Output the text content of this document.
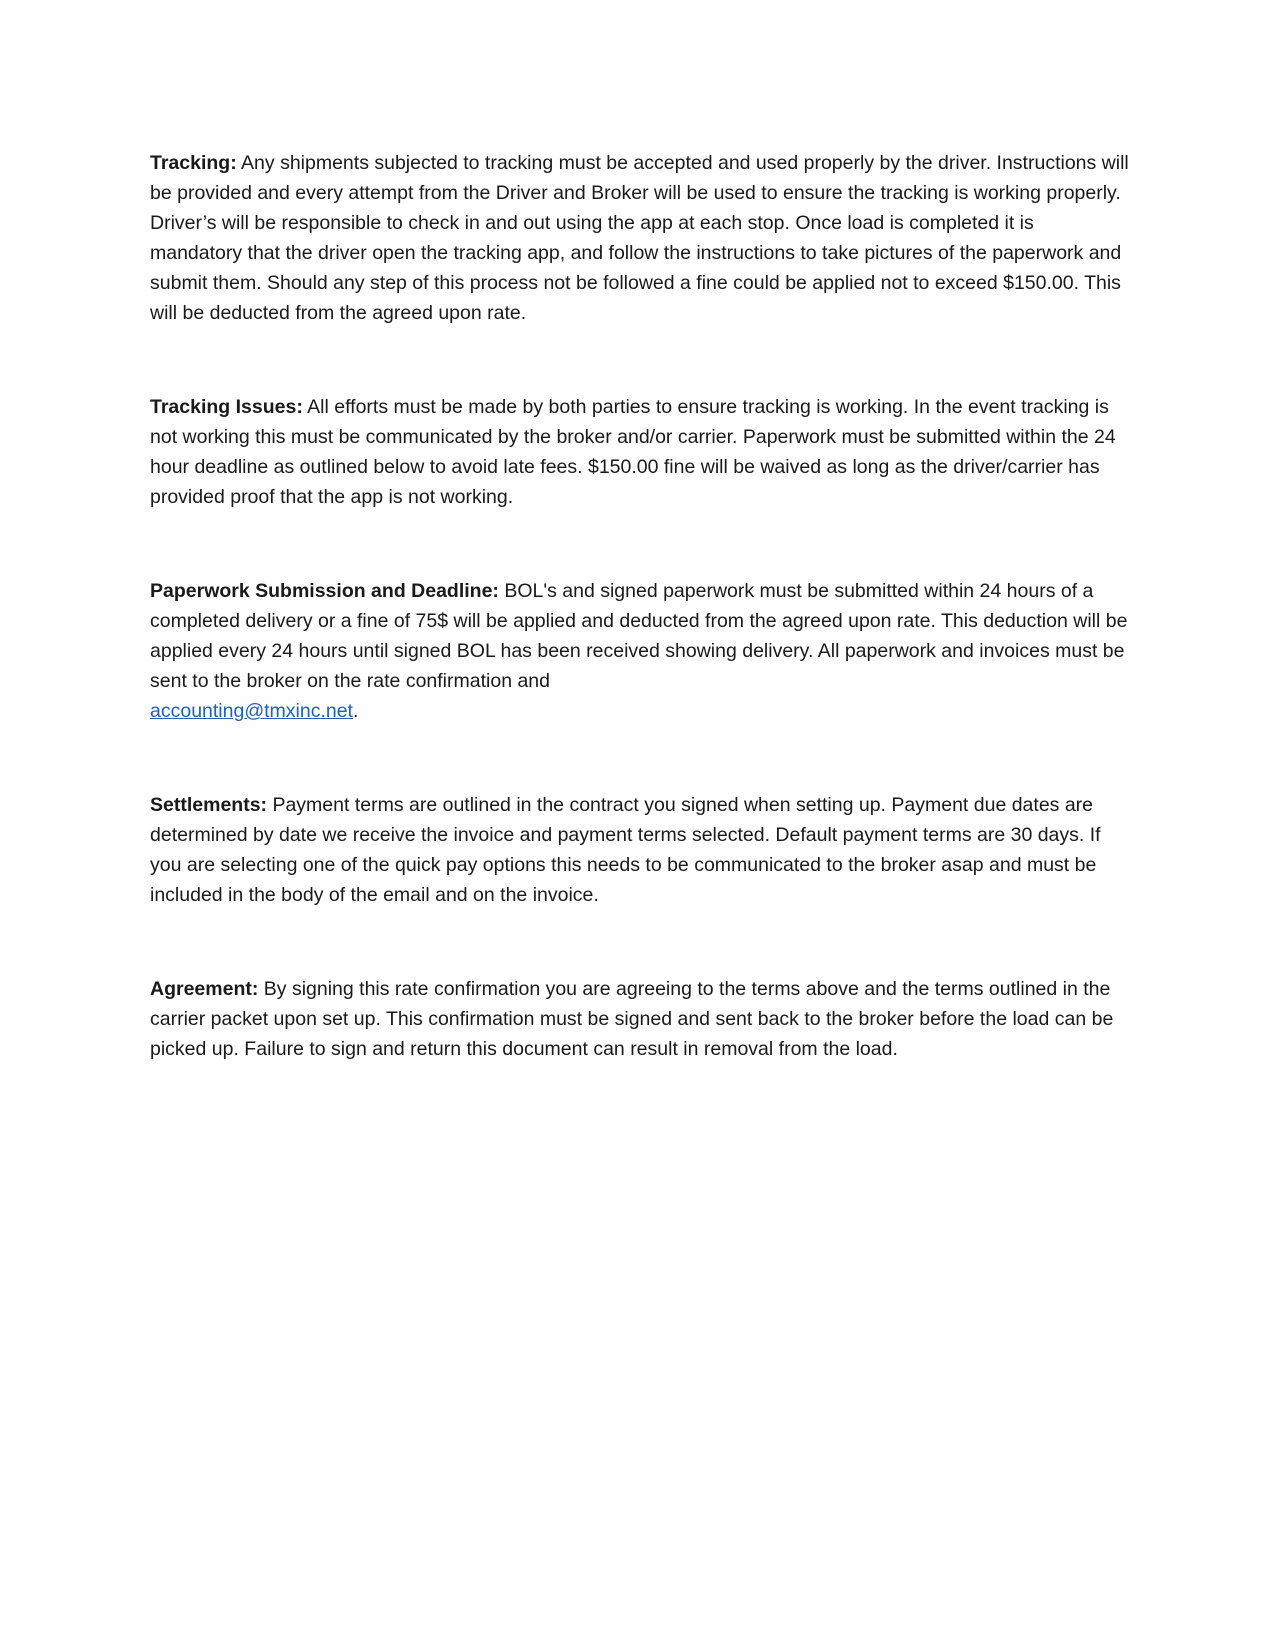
Tracking: Any shipments subjected to tracking must be accepted and used properly by the driver. Instructions will be provided and every attempt from the Driver and Broker will be used to ensure the tracking is working properly. Driver’s will be responsible to check in and out using the app at each stop. Once load is completed it is mandatory that the driver open the tracking app, and follow the instructions to take pictures of the paperwork and submit them. Should any step of this process not be followed a fine could be applied not to exceed $150.00. This will be deducted from the agreed upon rate.

Tracking Issues: All efforts must be made by both parties to ensure tracking is working. In the event tracking is not working this must be communicated by the broker and/or carrier. Paperwork must be submitted within the 24 hour deadline as outlined below to avoid late fees. $150.00 fine will be waived as long as the driver/carrier has provided proof that the app is not working.

Paperwork Submission and Deadline: BOL's and signed paperwork must be submitted within 24 hours of a completed delivery or a fine of 75$ will be applied and deducted from the agreed upon rate. This deduction will be applied every 24 hours until signed BOL has been received showing delivery. All paperwork and invoices must be sent to the broker on the rate confirmation and
accounting@tmxinc.net.

Settlements: Payment terms are outlined in the contract you signed when setting up. Payment due dates are determined by date we receive the invoice and payment terms selected. Default payment terms are 30 days. If you are selecting one of the quick pay options this needs to be communicated to the broker asap and must be included in the body of the email and on the invoice.

Agreement: By signing this rate confirmation you are agreeing to the terms above and the terms outlined in the carrier packet upon set up. This confirmation must be signed and sent back to the broker before the load can be picked up. Failure to sign and return this document can result in removal from the load.
